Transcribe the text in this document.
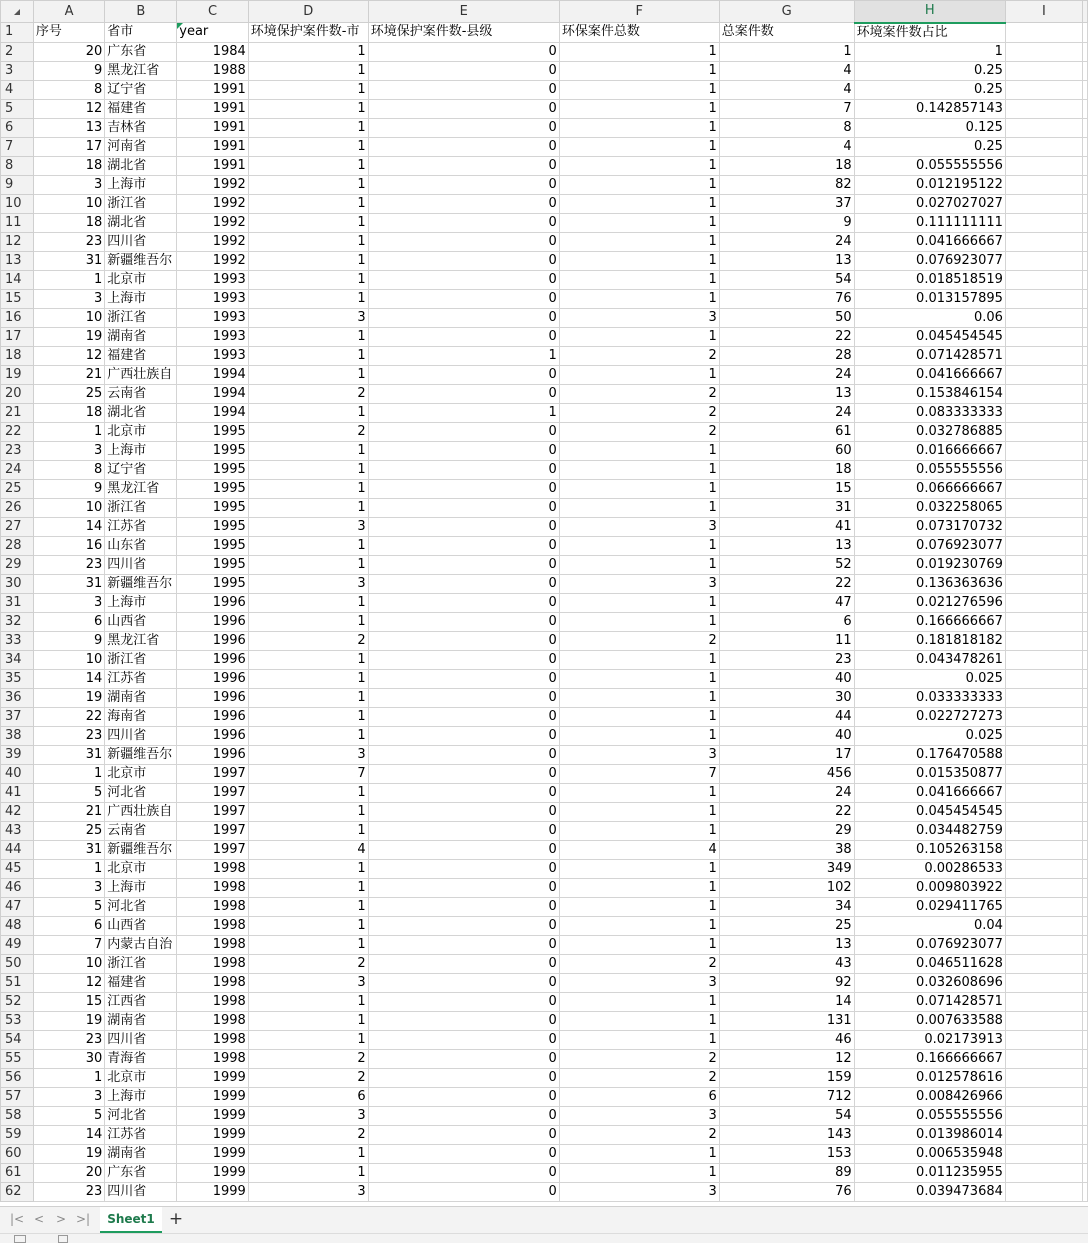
	A	B	C	D	E	F	G	H	I	
1	序号	省市	year	环境保护案件数-市	环境保护案件数-县级	环保案件总数	总案件数	环境案件数占比		
2	20	广东省	1984	1	0	1	1	1		
3	9	黑龙江省	1988	1	0	1	4	0.25		
4	8	辽宁省	1991	1	0	1	4	0.25		
5	12	福建省	1991	1	0	1	7	0.142857143		
6	13	吉林省	1991	1	0	1	8	0.125		
7	17	河南省	1991	1	0	1	4	0.25		
8	18	湖北省	1991	1	0	1	18	0.055555556		
9	3	上海市	1992	1	0	1	82	0.012195122		
10	10	浙江省	1992	1	0	1	37	0.027027027		
11	18	湖北省	1992	1	0	1	9	0.111111111		
12	23	四川省	1992	1	0	1	24	0.041666667		
13	31	新疆维吾尔	1992	1	0	1	13	0.076923077		
14	1	北京市	1993	1	0	1	54	0.018518519		
15	3	上海市	1993	1	0	1	76	0.013157895		
16	10	浙江省	1993	3	0	3	50	0.06		
17	19	湖南省	1993	1	0	1	22	0.045454545		
18	12	福建省	1993	1	1	2	28	0.071428571		
19	21	广西壮族自	1994	1	0	1	24	0.041666667		
20	25	云南省	1994	2	0	2	13	0.153846154		
21	18	湖北省	1994	1	1	2	24	0.083333333		
22	1	北京市	1995	2	0	2	61	0.032786885		
23	3	上海市	1995	1	0	1	60	0.016666667		
24	8	辽宁省	1995	1	0	1	18	0.055555556		
25	9	黑龙江省	1995	1	0	1	15	0.066666667		
26	10	浙江省	1995	1	0	1	31	0.032258065		
27	14	江苏省	1995	3	0	3	41	0.073170732		
28	16	山东省	1995	1	0	1	13	0.076923077		
29	23	四川省	1995	1	0	1	52	0.019230769		
30	31	新疆维吾尔	1995	3	0	3	22	0.136363636		
31	3	上海市	1996	1	0	1	47	0.021276596		
32	6	山西省	1996	1	0	1	6	0.166666667		
33	9	黑龙江省	1996	2	0	2	11	0.181818182		
34	10	浙江省	1996	1	0	1	23	0.043478261		
35	14	江苏省	1996	1	0	1	40	0.025		
36	19	湖南省	1996	1	0	1	30	0.033333333		
37	22	海南省	1996	1	0	1	44	0.022727273		
38	23	四川省	1996	1	0	1	40	0.025		
39	31	新疆维吾尔	1996	3	0	3	17	0.176470588		
40	1	北京市	1997	7	0	7	456	0.015350877		
41	5	河北省	1997	1	0	1	24	0.041666667		
42	21	广西壮族自	1997	1	0	1	22	0.045454545		
43	25	云南省	1997	1	0	1	29	0.034482759		
44	31	新疆维吾尔	1997	4	0	4	38	0.105263158		
45	1	北京市	1998	1	0	1	349	0.00286533		
46	3	上海市	1998	1	0	1	102	0.009803922		
47	5	河北省	1998	1	0	1	34	0.029411765		
48	6	山西省	1998	1	0	1	25	0.04		
49	7	内蒙古自治	1998	1	0	1	13	0.076923077		
50	10	浙江省	1998	2	0	2	43	0.046511628		
51	12	福建省	1998	3	0	3	92	0.032608696		
52	15	江西省	1998	1	0	1	14	0.071428571		
53	19	湖南省	1998	1	0	1	131	0.007633588		
54	23	四川省	1998	1	0	1	46	0.02173913		
55	30	青海省	1998	2	0	2	12	0.166666667		
56	1	北京市	1999	2	0	2	159	0.012578616		
57	3	上海市	1999	6	0	6	712	0.008426966		
58	5	河北省	1999	3	0	3	54	0.055555556		
59	14	江苏省	1999	2	0	2	143	0.013986014		
60	19	湖南省	1999	1	0	1	153	0.006535948		
61	20	广东省	1999	1	0	1	89	0.011235955		
62	23	四川省	1999	3	0	3	76	0.039473684		
|< < > >|	Sheet1 +
